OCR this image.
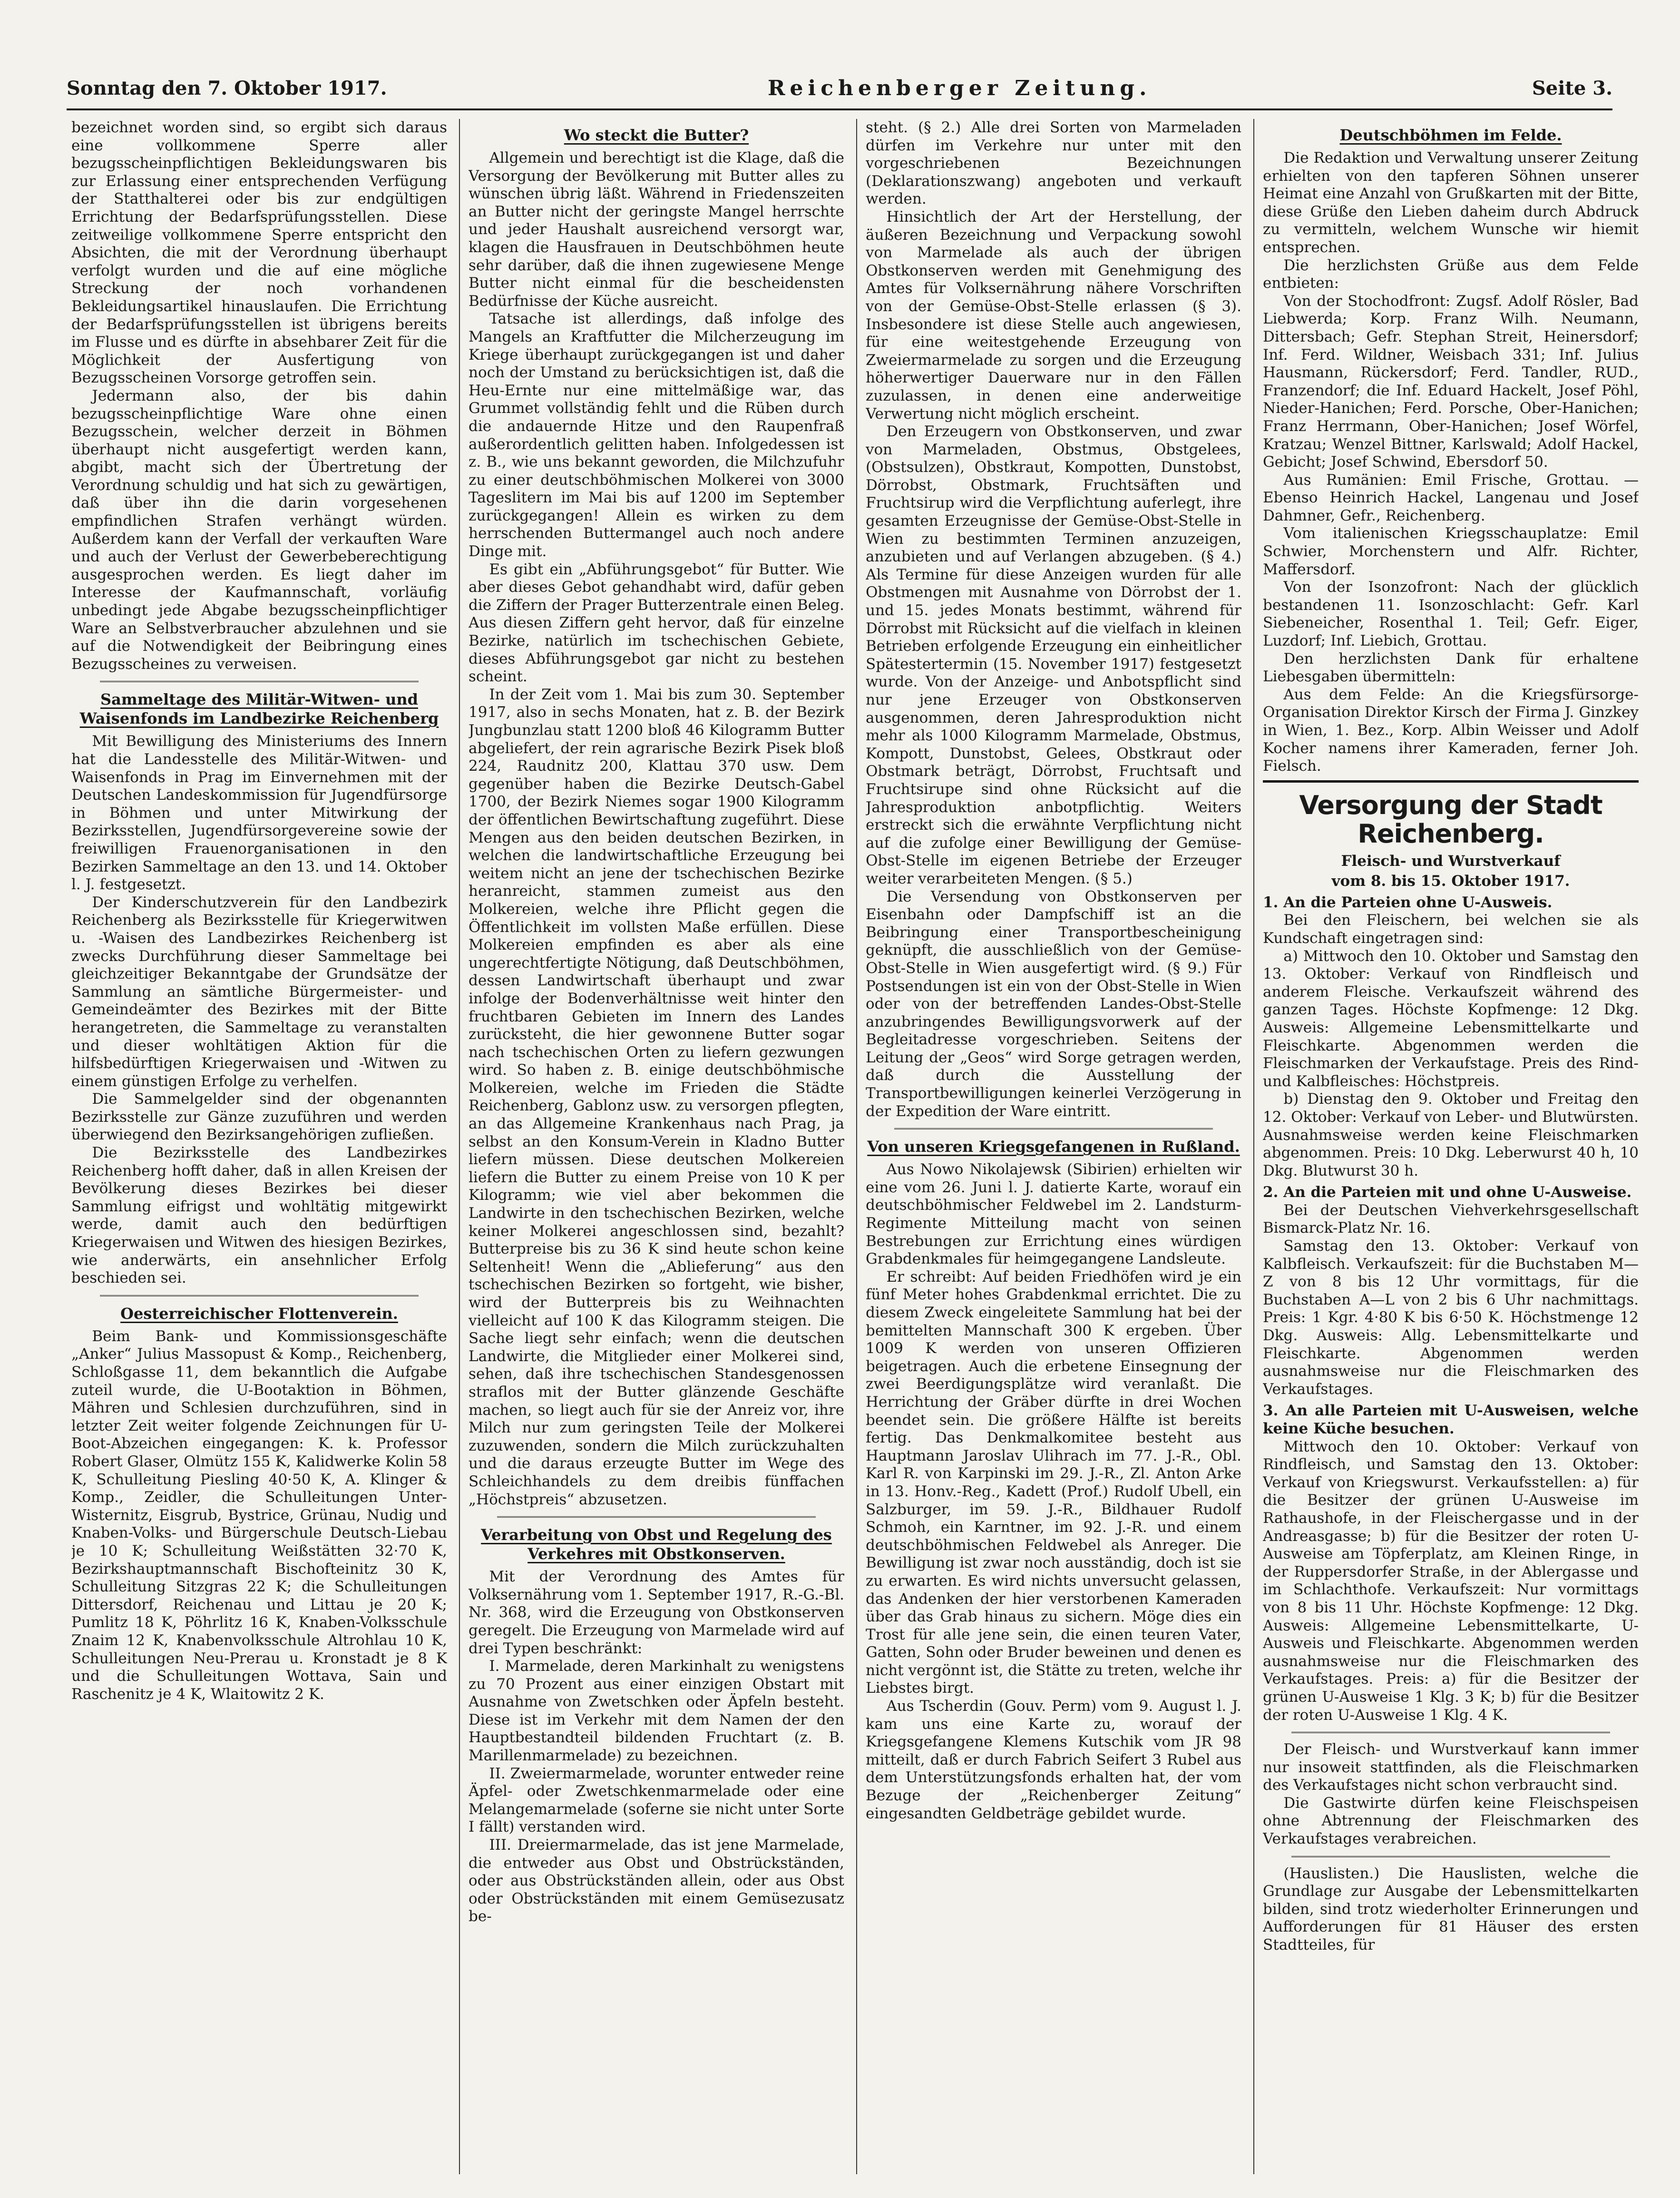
Sonntag den 7. Oktober 1917.	Reichenberger Zeitung.	Seite 3.

bezeichnet worden sind, so ergibt sich daraus eine vollkommene Sperre aller bezugsscheinpflichtigen Bekleidungswaren bis zur Erlassung einer entsprechenden Verfügung der Statthalterei oder bis zur endgültigen Errichtung der Bedarfsprüfungsstellen. Diese zeitweilige vollkommene Sperre entspricht den Absichten, die mit der Verordnung überhaupt verfolgt wurden und die auf eine mögliche Streckung der noch vorhandenen Bekleidungsartikel hinauslaufen. Die Errichtung der Bedarfsprüfungsstellen ist übrigens bereits im Flusse und es dürfte in absehbarer Zeit für die Möglichkeit der Ausfertigung von Bezugsscheinen Vorsorge getroffen sein.

Jedermann also, der bis dahin bezugsscheinpflichtige Ware ohne einen Bezugsschein, welcher derzeit in Böhmen überhaupt nicht ausgefertigt werden kann, abgibt, macht sich der Übertretung der Verordnung schuldig und hat sich zu gewärtigen, daß über ihn die darin vorgesehenen empfindlichen Strafen verhängt würden. Außerdem kann der Verfall der verkauften Ware und auch der Verlust der Gewerbeberechtigung ausgesprochen werden. Es liegt daher im Interesse der Kaufmannschaft, vorläufig unbedingt jede Abgabe bezugsscheinpflichtiger Ware an Selbstverbraucher abzulehnen und sie auf die Notwendigkeit der Beibringung eines Bezugsscheines zu verweisen.

Sammeltage des Militär-Witwen- und Waisenfonds im Landbezirke Reichenberg

Mit Bewilligung des Ministeriums des Innern hat die Landesstelle des Militär-Witwen- und Waisenfonds in Prag im Einvernehmen mit der Deutschen Landeskommission für Jugendfürsorge in Böhmen und unter Mitwirkung der Bezirksstellen, Jugendfürsorgevereine sowie der freiwilligen Frauenorganisationen in den Bezirken Sammeltage an den 13. und 14. Oktober l. J. festgesetzt.

Der Kinderschutzverein für den Landbezirk Reichenberg als Bezirksstelle für Kriegerwitwen u. -Waisen des Landbezirkes Reichenberg ist zwecks Durchführung dieser Sammeltage bei gleichzeitiger Bekanntgabe der Grundsätze der Sammlung an sämtliche Bürgermeister- und Gemeindeämter des Bezirkes mit der Bitte herangetreten, die Sammeltage zu veranstalten und dieser wohltätigen Aktion für die hilfsbedürftigen Kriegerwaisen und -Witwen zu einem günstigen Erfolge zu verhelfen.

Die Sammelgelder sind der obgenannten Bezirksstelle zur Gänze zuzuführen und werden überwiegend den Bezirksangehörigen zufließen.

Die Bezirksstelle des Landbezirkes Reichenberg hofft daher, daß in allen Kreisen der Bevölkerung dieses Bezirkes bei dieser Sammlung eifrigst und wohltätig mitgewirkt werde, damit auch den bedürftigen Kriegerwaisen und Witwen des hiesigen Bezirkes, wie anderwärts, ein ansehnlicher Erfolg beschieden sei.

Oesterreichischer Flottenverein.

Beim Bank- und Kommissionsgeschäfte „Anker“ Julius Massopust & Komp., Reichenberg, Schloßgasse 11, dem bekanntlich die Aufgabe zuteil wurde, die U-Bootaktion in Böhmen, Mähren und Schlesien durchzuführen, sind in letzter Zeit weiter folgende Zeichnungen für U-Boot-Abzeichen eingegangen: K. k. Professor Robert Glaser, Olmütz 155 K, Kalidwerke Kolin 58 K, Schulleitung Piesling 40·50 K, A. Klinger & Komp., Zeidler, die Schulleitungen Unter-Wisternitz, Eisgrub, Bystrice, Grünau, Nudig und Knaben-Volks- und Bürgerschule Deutsch-Liebau je 10 K; Schulleitung Weißstätten 32·70 K, Bezirkshauptmannschaft Bischofteinitz 30 K, Schulleitung Sitzgras 22 K; die Schulleitungen Dittersdorf, Reichenau und Littau je 20 K; Pumlitz 18 K, Pöhrlitz 16 K, Knaben-Volksschule Znaim 12 K, Knabenvolksschule Altrohlau 10 K, Schulleitungen Neu-Prerau u. Kronstadt je 8 K und die Schulleitungen Wottava, Sain und Raschenitz je 4 K, Wlaitowitz 2 K.

Wo steckt die Butter?

Allgemein und berechtigt ist die Klage, daß die Versorgung der Bevölkerung mit Butter alles zu wünschen übrig läßt. Während in Friedenszeiten an Butter nicht der geringste Mangel herrschte und jeder Haushalt ausreichend versorgt war, klagen die Hausfrauen in Deutschböhmen heute sehr darüber, daß die ihnen zugewiesene Menge Butter nicht einmal für die bescheidensten Bedürfnisse der Küche ausreicht.

Tatsache ist allerdings, daß infolge des Mangels an Kraftfutter die Milcherzeugung im Kriege überhaupt zurückgegangen ist und daher noch der Umstand zu berücksichtigen ist, daß die Heu-Ernte nur eine mittelmäßige war, das Grummet vollständig fehlt und die Rüben durch die andauernde Hitze und den Raupenfraß außerordentlich gelitten haben. Infolgedessen ist z. B., wie uns bekannt geworden, die Milchzufuhr zu einer deutschböhmischen Molkerei von 3000 Tageslitern im Mai bis auf 1200 im September zurückgegangen! Allein es wirken zu dem herrschenden Buttermangel auch noch andere Dinge mit.

Es gibt ein „Abführungsgebot“ für Butter. Wie aber dieses Gebot gehandhabt wird, dafür geben die Ziffern der Prager Butterzentrale einen Beleg. Aus diesen Ziffern geht hervor, daß für einzelne Bezirke, natürlich im tschechischen Gebiete, dieses Abführungsgebot gar nicht zu bestehen scheint.

In der Zeit vom 1. Mai bis zum 30. September 1917, also in sechs Monaten, hat z. B. der Bezirk Jungbunzlau statt 1200 bloß 46 Kilogramm Butter abgeliefert, der rein agrarische Bezirk Pisek bloß 224, Raudnitz 200, Klattau 370 usw. Dem gegenüber haben die Bezirke Deutsch-Gabel 1700, der Bezirk Niemes sogar 1900 Kilogramm der öffentlichen Bewirtschaftung zugeführt. Diese Mengen aus den beiden deutschen Bezirken, in welchen die landwirtschaftliche Erzeugung bei weitem nicht an jene der tschechischen Bezirke heranreicht, stammen zumeist aus den Molkereien, welche ihre Pflicht gegen die Öffentlichkeit im vollsten Maße erfüllen. Diese Molkereien empfinden es aber als eine ungerechtfertigte Nötigung, daß Deutschböhmen, dessen Landwirtschaft überhaupt und zwar infolge der Bodenverhältnisse weit hinter den fruchtbaren Gebieten im Innern des Landes zurücksteht, die hier gewonnene Butter sogar nach tschechischen Orten zu liefern gezwungen wird. So haben z. B. einige deutschböhmische Molkereien, welche im Frieden die Städte Reichenberg, Gablonz usw. zu versorgen pflegten, an das Allgemeine Krankenhaus nach Prag, ja selbst an den Konsum-Verein in Kladno Butter liefern müssen. Diese deutschen Molkereien liefern die Butter zu einem Preise von 10 K per Kilogramm; wie viel aber bekommen die Landwirte in den tschechischen Bezirken, welche keiner Molkerei angeschlossen sind, bezahlt? Butterpreise bis zu 36 K sind heute schon keine Seltenheit! Wenn die „Ablieferung“ aus den tschechischen Bezirken so fortgeht, wie bisher, wird der Butterpreis bis zu Weihnachten vielleicht auf 100 K das Kilogramm steigen. Die Sache liegt sehr einfach; wenn die deutschen Landwirte, die Mitglieder einer Molkerei sind, sehen, daß ihre tschechischen Standesgenossen straflos mit der Butter glänzende Geschäfte machen, so liegt auch für sie der Anreiz vor, ihre Milch nur zum geringsten Teile der Molkerei zuzuwenden, sondern die Milch zurückzuhalten und die daraus erzeugte Butter im Wege des Schleichhandels zu dem dreibis fünffachen „Höchstpreis“ abzusetzen.

Verarbeitung von Obst und Regelung des Verkehres mit Obstkonserven.

Mit der Verordnung des Amtes für Volksernährung vom 1. September 1917, R.-G.-Bl. Nr. 368, wird die Erzeugung von Obstkonserven geregelt. Die Erzeugung von Marmelade wird auf drei Typen beschränkt:

I. Marmelade, deren Markinhalt zu wenigstens zu 70 Prozent aus einer einzigen Obstart mit Ausnahme von Zwetschken oder Äpfeln besteht. Diese ist im Verkehr mit dem Namen der den Hauptbestandteil bildenden Fruchtart (z. B. Marillenmarmelade) zu bezeichnen.

II. Zweiermarmelade, worunter entweder reine Äpfel- oder Zwetschkenmarmelade oder eine Melangemarmelade (soferne sie nicht unter Sorte I fällt) verstanden wird.

III. Dreiermarmelade, das ist jene Marmelade, die entweder aus Obst und Obstrückständen, oder aus Obstrückständen allein, oder aus Obst oder Obstrückständen mit einem Gemüsezusatz be-

steht. (§ 2.) Alle drei Sorten von Marmeladen dürfen im Verkehre nur unter mit den vorgeschriebenen Bezeichnungen (Deklarationszwang) angeboten und verkauft werden.

Hinsichtlich der Art der Herstellung, der äußeren Bezeichnung und Verpackung sowohl von Marmelade als auch der übrigen Obstkonserven werden mit Genehmigung des Amtes für Volksernährung nähere Vorschriften von der Gemüse-Obst-Stelle erlassen (§ 3). Insbesondere ist diese Stelle auch angewiesen, für eine weitestgehende Erzeugung von Zweiermarmelade zu sorgen und die Erzeugung höherwertiger Dauerware nur in den Fällen zuzulassen, in denen eine anderweitige Verwertung nicht möglich erscheint.

Den Erzeugern von Obstkonserven, und zwar von Marmeladen, Obstmus, Obstgelees, (Obstsulzen), Obstkraut, Kompotten, Dunstobst, Dörrobst, Obstmark, Fruchtsäften und Fruchtsirup wird die Verpflichtung auferlegt, ihre gesamten Erzeugnisse der Gemüse-Obst-Stelle in Wien zu bestimmten Terminen anzuzeigen, anzubieten und auf Verlangen abzugeben. (§ 4.) Als Termine für diese Anzeigen wurden für alle Obstmengen mit Ausnahme von Dörrobst der 1. und 15. jedes Monats bestimmt, während für Dörrobst mit Rücksicht auf die vielfach in kleinen Betrieben erfolgende Erzeugung ein einheitlicher Spätestertermin (15. November 1917) festgesetzt wurde. Von der Anzeige- und Anbotspflicht sind nur jene Erzeuger von Obstkonserven ausgenommen, deren Jahresproduktion nicht mehr als 1000 Kilogramm Marmelade, Obstmus, Kompott, Dunstobst, Gelees, Obstkraut oder Obstmark beträgt, Dörrobst, Fruchtsaft und Fruchtsirupe sind ohne Rücksicht auf die Jahresproduktion anbotpflichtig. Weiters erstreckt sich die erwähnte Verpflichtung nicht auf die zufolge einer Bewilligung der Gemüse-Obst-Stelle im eigenen Betriebe der Erzeuger weiter verarbeiteten Mengen. (§ 5.)

Die Versendung von Obstkonserven per Eisenbahn oder Dampfschiff ist an die Beibringung einer Transportbescheinigung geknüpft, die ausschließlich von der Gemüse-Obst-Stelle in Wien ausgefertigt wird. (§ 9.) Für Postsendungen ist ein von der Obst-Stelle in Wien oder von der betreffenden Landes-Obst-Stelle anzubringendes Bewilligungsvorwerk auf der Begleitadresse vorgeschrieben. Seitens der Leitung der „Geos“ wird Sorge getragen werden, daß durch die Ausstellung der Transportbewilligungen keinerlei Verzögerung in der Expedition der Ware eintritt.

Von unseren Kriegsgefangenen in Rußland.

Aus Nowo Nikolajewsk (Sibirien) erhielten wir eine vom 26. Juni l. J. datierte Karte, worauf ein deutschböhmischer Feldwebel im 2. Landsturm-Regimente Mitteilung macht von seinen Bestrebungen zur Errichtung eines würdigen Grabdenkmales für heimgegangene Landsleute.

Er schreibt: Auf beiden Friedhöfen wird je ein fünf Meter hohes Grabdenkmal errichtet. Die zu diesem Zweck eingeleitete Sammlung hat bei der bemittelten Mannschaft 300 K ergeben. Über 1009 K werden von unseren Offizieren beigetragen. Auch die erbetene Einsegnung der zwei Beerdigungsplätze wird veranlaßt. Die Herrichtung der Gräber dürfte in drei Wochen beendet sein. Die größere Hälfte ist bereits fertig. Das Denkmalkomitee besteht aus Hauptmann Jaroslav Ulihrach im 77. J.-R., Obl. Karl R. von Karpinski im 29. J.-R., Zl. Anton Arke in 13. Honv.-Reg., Kadett (Prof.) Rudolf Ubell, ein Salzburger, im 59. J.-R., Bildhauer Rudolf Schmoh, ein Karntner, im 92. J.-R. und einem deutschböhmischen Feldwebel als Anreger. Die Bewilligung ist zwar noch ausständig, doch ist sie zu erwarten. Es wird nichts unversucht gelassen, das Andenken der hier verstorbenen Kameraden über das Grab hinaus zu sichern. Möge dies ein Trost für alle jene sein, die einen teuren Vater, Gatten, Sohn oder Bruder beweinen und denen es nicht vergönnt ist, die Stätte zu treten, welche ihr Liebstes birgt.

Aus Tscherdin (Gouv. Perm) vom 9. August l. J. kam uns eine Karte zu, worauf der Kriegsgefangene Klemens Kutschik vom JR 98 mitteilt, daß er durch Fabrich Seifert 3 Rubel aus dem Unterstützungsfonds erhalten hat, der vom Bezuge der „Reichenberger Zeitung“ eingesandten Geldbeträge gebildet wurde.

Deutschböhmen im Felde.

Die Redaktion und Verwaltung unserer Zeitung erhielten von den tapferen Söhnen unserer Heimat eine Anzahl von Grußkarten mit der Bitte, diese Grüße den Lieben daheim durch Abdruck zu vermitteln, welchem Wunsche wir hiemit entsprechen.

Die herzlichsten Grüße aus dem Felde entbieten:

Von der Stochodfront: Zugsf. Adolf Rösler, Bad Liebwerda; Korp. Franz Wilh. Neumann, Dittersbach; Gefr. Stephan Streit, Heinersdorf; Inf. Ferd. Wildner, Weisbach 331; Inf. Julius Hausmann, Rückersdorf; Ferd. Tandler, RUD., Franzendorf; die Inf. Eduard Hackelt, Josef Pöhl, Nieder-Hanichen; Ferd. Porsche, Ober-Hanichen; Franz Herrmann, Ober-Hanichen; Josef Wörfel, Kratzau; Wenzel Bittner, Karlswald; Adolf Hackel, Gebicht; Josef Schwind, Ebersdorf 50.

Aus Rumänien: Emil Frische, Grottau. — Ebenso Heinrich Hackel, Langenau und Josef Dahmner, Gefr., Reichenberg.

Vom italienischen Kriegsschauplatze: Emil Schwier, Morchenstern und Alfr. Richter, Maffersdorf.

Von der Isonzofront: Nach der glücklich bestandenen 11. Isonzoschlacht: Gefr. Karl Siebeneicher, Rosenthal 1. Teil; Gefr. Eiger, Luzdorf; Inf. Liebich, Grottau.

Den herzlichsten Dank für erhaltene Liebesgaben übermitteln:

Aus dem Felde: An die Kriegsfürsorge-Organisation Direktor Kirsch der Firma J. Ginzkey in Wien, 1. Bez., Korp. Albin Weisser und Adolf Kocher namens ihrer Kameraden, ferner Joh. Fielsch.

Versorgung der Stadt Reichenberg.
Fleisch- und Wurstverkauf
vom 8. bis 15. Oktober 1917.
1. An die Parteien ohne U-Ausweis.

Bei den Fleischern, bei welchen sie als Kundschaft eingetragen sind:

a) Mittwoch den 10. Oktober und Samstag den 13. Oktober: Verkauf von Rindfleisch und anderem Fleische. Verkaufszeit während des ganzen Tages. Höchste Kopfmenge: 12 Dkg. Ausweis: Allgemeine Lebensmittelkarte und Fleischkarte. Abgenommen werden die Fleischmarken der Verkaufstage. Preis des Rind- und Kalbfleisches: Höchstpreis.

b) Dienstag den 9. Oktober und Freitag den 12. Oktober: Verkauf von Leber- und Blutwürsten. Ausnahmsweise werden keine Fleischmarken abgenommen. Preis: 10 Dkg. Leberwurst 40 h, 10 Dkg. Blutwurst 30 h.

2. An die Parteien mit und ohne U-Ausweise.

Bei der Deutschen Viehverkehrsgesellschaft Bismarck-Platz Nr. 16.

Samstag den 13. Oktober: Verkauf von Kalbfleisch. Verkaufszeit: für die Buchstaben M—Z von 8 bis 12 Uhr vormittags, für die Buchstaben A—L von 2 bis 6 Uhr nachmittags. Preis: 1 Kgr. 4·80 K bis 6·50 K. Höchstmenge 12 Dkg. Ausweis: Allg. Lebensmittelkarte und Fleischkarte. Abgenommen werden ausnahmsweise nur die Fleischmarken des Verkaufstages.

3. An alle Parteien mit U-Ausweisen, welche keine Küche besuchen.

Mittwoch den 10. Oktober: Verkauf von Rindfleisch, und Samstag den 13. Oktober: Verkauf von Kriegswurst. Verkaufsstellen: a) für die Besitzer der grünen U-Ausweise im Rathaushofe, in der Fleischergasse und in der Andreasgasse; b) für die Besitzer der roten U-Ausweise am Töpferplatz, am Kleinen Ringe, in der Ruppersdorfer Straße, in der Ablergasse und im Schlachthofe. Verkaufszeit: Nur vormittags von 8 bis 11 Uhr. Höchste Kopfmenge: 12 Dkg. Ausweis: Allgemeine Lebensmittelkarte, U-Ausweis und Fleischkarte. Abgenommen werden ausnahmsweise nur die Fleischmarken des Verkaufstages. Preis: a) für die Besitzer der grünen U-Ausweise 1 Klg. 3 K; b) für die Besitzer der roten U-Ausweise 1 Klg. 4 K.

Der Fleisch- und Wurstverkauf kann immer nur insoweit stattfinden, als die Fleischmarken des Verkaufstages nicht schon verbraucht sind.

Die Gastwirte dürfen keine Fleischspeisen ohne Abtrennung der Fleischmarken des Verkaufstages verabreichen.

(Hauslisten.) Die Hauslisten, welche die Grundlage zur Ausgabe der Lebensmittelkarten bilden, sind trotz wiederholter Erinnerungen und Aufforderungen für 81 Häuser des ersten Stadtteiles, für
